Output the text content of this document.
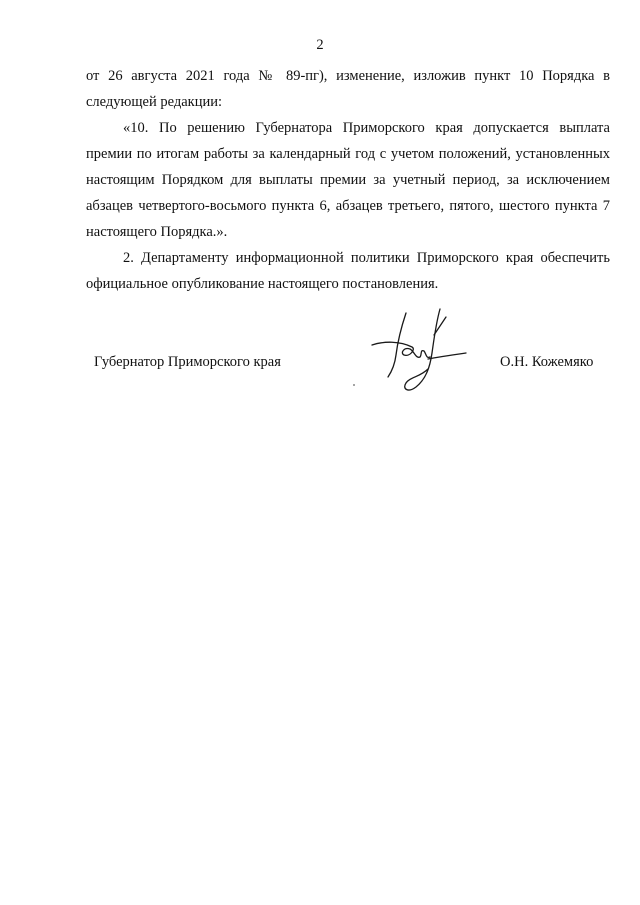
2

от 26 августа 2021 года № 89-пг), изменение, изложив пункт 10 Порядка в следующей редакции:

«10. По решению Губернатора Приморского края допускается выплата премии по итогам работы за календарный год с учетом положений, установленных настоящим Порядком для выплаты премии за учетный период, за исключением абзацев четвертого-восьмого пункта 6, абзацев третьего, пятого, шестого пункта 7 настоящего Порядка.».

2. Департаменту информационной политики Приморского края обеспечить официальное опубликование настоящего постановления.

Губернатор Приморского края	О.Н. Кожемяко
